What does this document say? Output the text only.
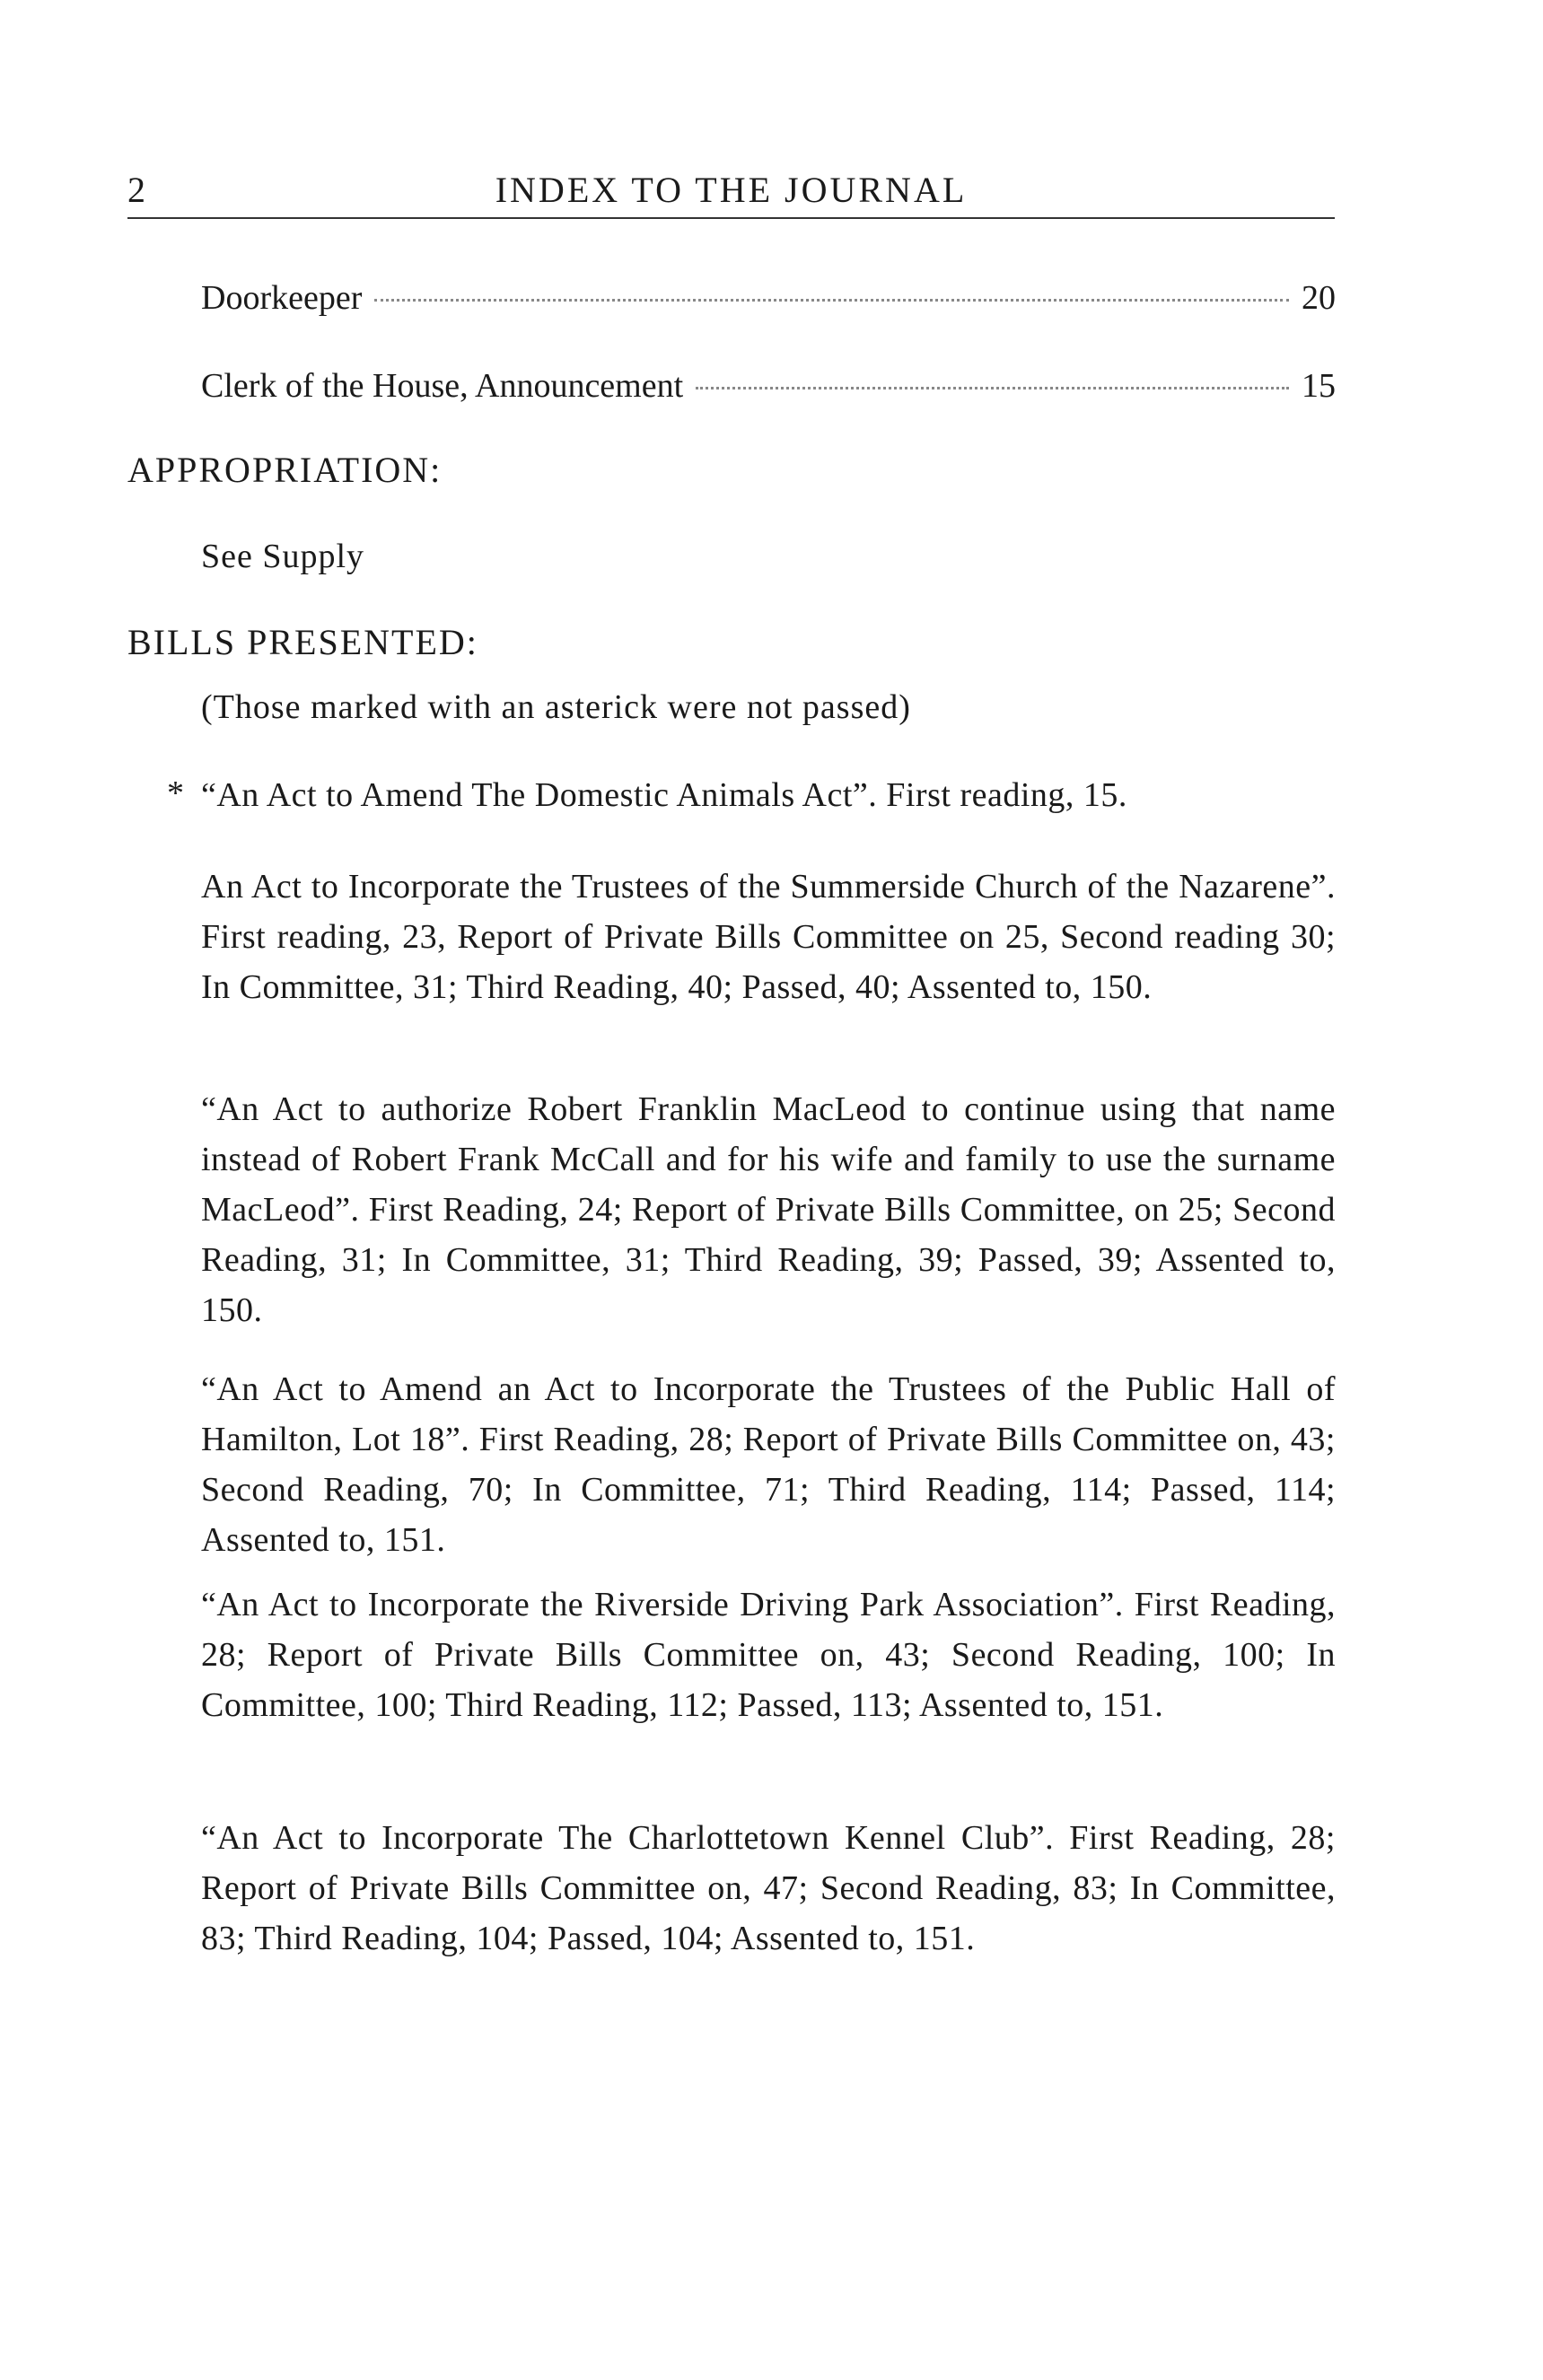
2	INDEX TO THE JOURNAL
Doorkeeper	20
Clerk of the House, Announcement	15
APPROPRIATION:
See Supply
BILLS PRESENTED:
(Those marked with an asterick were not passed)
* “An Act to Amend The Domestic Animals Act”. First reading, 15.

An Act to Incorporate the Trustees of the Summerside Church of the Nazarene”. First reading, 23, Report of Private Bills Committee on 25, Second reading 30; In Committee, 31; Third Reading, 40; Passed, 40; Assented to, 150.

“An Act to authorize Robert Franklin MacLeod to continue using that name instead of Robert Frank McCall and for his wife and family to use the surname MacLeod”. First Reading, 24; Report of Private Bills Committee, on 25; Second Reading, 31; In Committee, 31; Third Reading, 39; Passed, 39; Assented to, 150.

“An Act to Amend an Act to Incorporate the Trustees of the Public Hall of Hamilton, Lot 18”. First Reading, 28; Report of Private Bills Committee on, 43; Second Reading, 70; In Committee, 71; Third Reading, 114; Passed, 114; Assented to, 151.

“An Act to Incorporate the Riverside Driving Park Association”. First Reading, 28; Report of Private Bills Committee on, 43; Second Reading, 100; In Committee, 100; Third Reading, 112; Passed, 113; Assented to, 151.

“An Act to Incorporate The Charlottetown Kennel Club”. First Reading, 28; Report of Private Bills Committee on, 47; Second Reading, 83; In Committee, 83; Third Reading, 104; Passed, 104; Assented to, 151.
